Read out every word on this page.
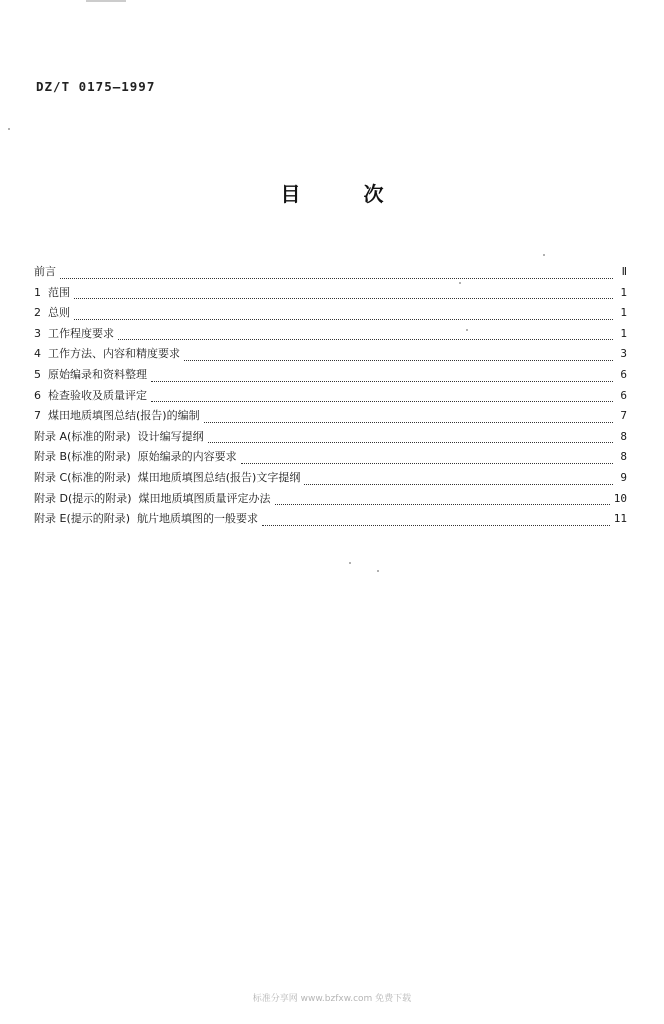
DZ/T 0175—1997
目	次
前言	Ⅱ
1  范围	1
2  总则	1
3  工作程度要求	1
4  工作方法、内容和精度要求	3
5  原始编录和资料整理	6
6  检查验收及质量评定	6
7  煤田地质填图总结(报告)的编制	7
附录 A(标准的附录)  设计编写提纲	8
附录 B(标准的附录)  原始编录的内容要求	8
附录 C(标准的附录)  煤田地质填图总结(报告)文字提纲	9
附录 D(提示的附录)  煤田地质填图质量评定办法	10
附录 E(提示的附录)  航片地质填图的一般要求	11
标准分享网 www.bzfxw.com 免费下载
